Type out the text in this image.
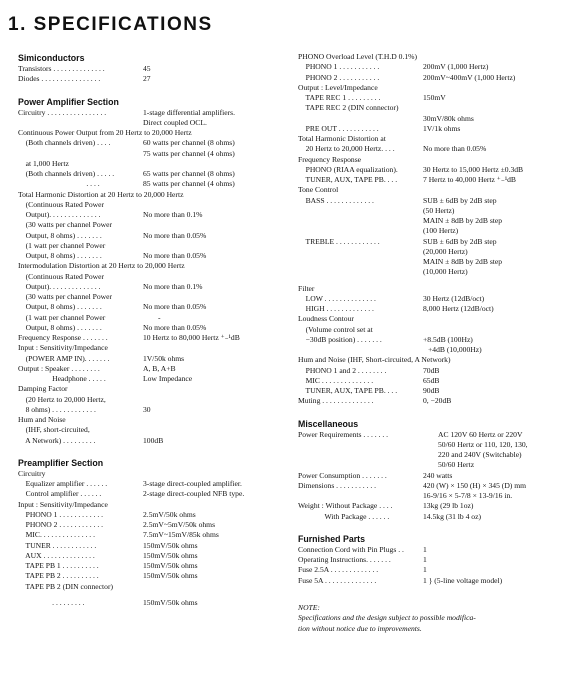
1. SPECIFICATIONS
Simiconductors
Transistors . . . . . . . . . . . . . .	45
Diodes . . . . . . . . . . . . . . . .	27
Power Amplifier Section
Circuitry . . . . . . . . . . . . . . . .	1-stage differential amplifiers.
Direct coupled OCL.
Continuous Power Output from 20 Hertz to 20,000 Hertz
(Both channels driven) . . . .	60 watts per channel (8 ohms)
75 watts per channel (4 ohms)
at 1,000 Hertz
(Both channels driven) . . . . .	65 watts per channel (8 ohms)
. . . .	85 watts per channel (4 ohms)
Total Harmonic Distortion at 20 Hertz to 20,000 Hertz
(Continuous Rated Power
Output). . . . . . . . . . . . . .	No more than 0.1%
(30 watts per channel Power
Output, 8 ohms) . . . . . . .	No more than 0.05%
(1 watt per channel Power
Output, 8 ohms) . . . . . . .	No more than 0.05%
Intermodulation Distortion at 20 Hertz to 20,000 Hertz
(Continuous Rated Power
Output). . . . . . . . . . . . . .	No more than 0.1%
(30 watts per channel Power
Output, 8 ohms) . . . . . . .	No more than 0.05%
(1 watt per channel Power	-
Output, 8 ohms) . . . . . . .	No more than 0.05%
Frequency Response . . . . . . .	10 Hertz to 80,000 Hertz ⁺₋¹dB
Input : Sensitivity/Impedance
(POWER AMP IN). . . . . . .	1V/50k ohms
Output : Speaker . . . . . . . .	A, B, A+B
Headphone . . . . .	Low Impedance
Damping Factor
(20 Hertz to 20,000 Hertz,
8 ohms) . . . . . . . . . . . .	30
Hum and Noise
(IHF, short-circuited,
A Network) . . . . . . . . .	100dB
Preamplifier Section
Circuitry
Equalizer amplifier . . . . . .	3-stage direct-coupled amplifier.
Control amplifier . . . . . .	2-stage direct-coupled NFB type.
Input : Sensitivity/Impedance
PHONO 1 . . . . . . . . . . . .	2.5mV/50k ohms
PHONO 2 . . . . . . . . . . . .	2.5mV~5mV/50k ohms
MIC. . . . . . . . . . . . . . .	7.5mV~15mV/85k ohms
TUNER . . . . . . . . . . . .	150mV/50k ohms
AUX . . . . . . . . . . . . . .	150mV/50k ohms
TAPE PB 1 . . . . . . . . . .	150mV/50k ohms
TAPE PB 2 . . . . . . . . . .	150mV/50k ohms
TAPE PB 2 (DIN connector)
. . . . . . . . .	150mV/50k ohms
PHONO Overload Level (T.H.D 0.1%)
PHONO 1 . . . . . . . . . . .	200mV (1,000 Hertz)
PHONO 2 . . . . . . . . . . .	200mV~400mV (1,000 Hertz)
Output : Level/Impedance
TAPE REC 1 . . . . . . . . .	150mV
TAPE REC 2 (DIN connector)
30mV/80k ohms
PRE OUT . . . . . . . . . . .	1V/1k ohms
Total Harmonic Distortion at
20 Hertz to 20,000 Hertz. . . .	No more than 0.05%
Frequency Response
PHONO (RIAA equalization).	30 Hertz to 15,000 Hertz ±0.3dB
TUNER, AUX, TAPE PB. . . .	7 Hertz to 40,000 Hertz ⁺₋¹dB
Tone Control
BASS . . . . . . . . . . . . .	SUB ± 6dB by 2dB step
(50 Hertz)
MAIN ± 8dB by 2dB step
(100 Hertz)
TREBLE . . . . . . . . . . . .	SUB ± 6dB by 2dB step
(20,000 Hertz)
MAIN ± 8dB by 2dB step
(10,000 Hertz)
Filter
LOW . . . . . . . . . . . . . .	30 Hertz (12dB/oct)
HIGH . . . . . . . . . . . . .	8,000 Hertz (12dB/oct)
Loudness Contour
(Volume control set at
−30dB position) . . . . . . .	+8.5dB (100Hz)
+4dB (10,000Hz)
Hum and Noise (IHF, Short-circuited, A Network)
PHONO 1 and 2 . . . . . . . .	70dB
MIC . . . . . . . . . . . . . .	65dB
TUNER, AUX, TAPE PB. . . .	90dB
Muting . . . . . . . . . . . . . .	0, −20dB
Miscellaneous
Power Requirements . . . . . . .	AC 120V 60 Hertz or 220V
50/60 Hertz or 110, 120, 130,
220 and 240V (Switchable)
50/60 Hertz
Power Consumption . . . . . . .	240 watts
Dimensions . . . . . . . . . . .	420 (W) × 150 (H) × 345 (D) mm
16-9/16 × 5-7/8 × 13-9/16 in.
Weight : Without Package . . . .	13kg (29 lb 1oz)
With Package . . . . . .	14.5kg (31 lb 4 oz)
Furnished Parts
Connection Cord with Pin Plugs . .	1
Operating Instructions. . . . . . .	1
Fuse 2.5A . . . . . . . . . . . . .	1
Fuse 5A . . . . . . . . . . . . . .	1 } (5-line voltage model)
NOTE:
Specifications and the design subject to possible modifica-
tion without notice due to improvements.
